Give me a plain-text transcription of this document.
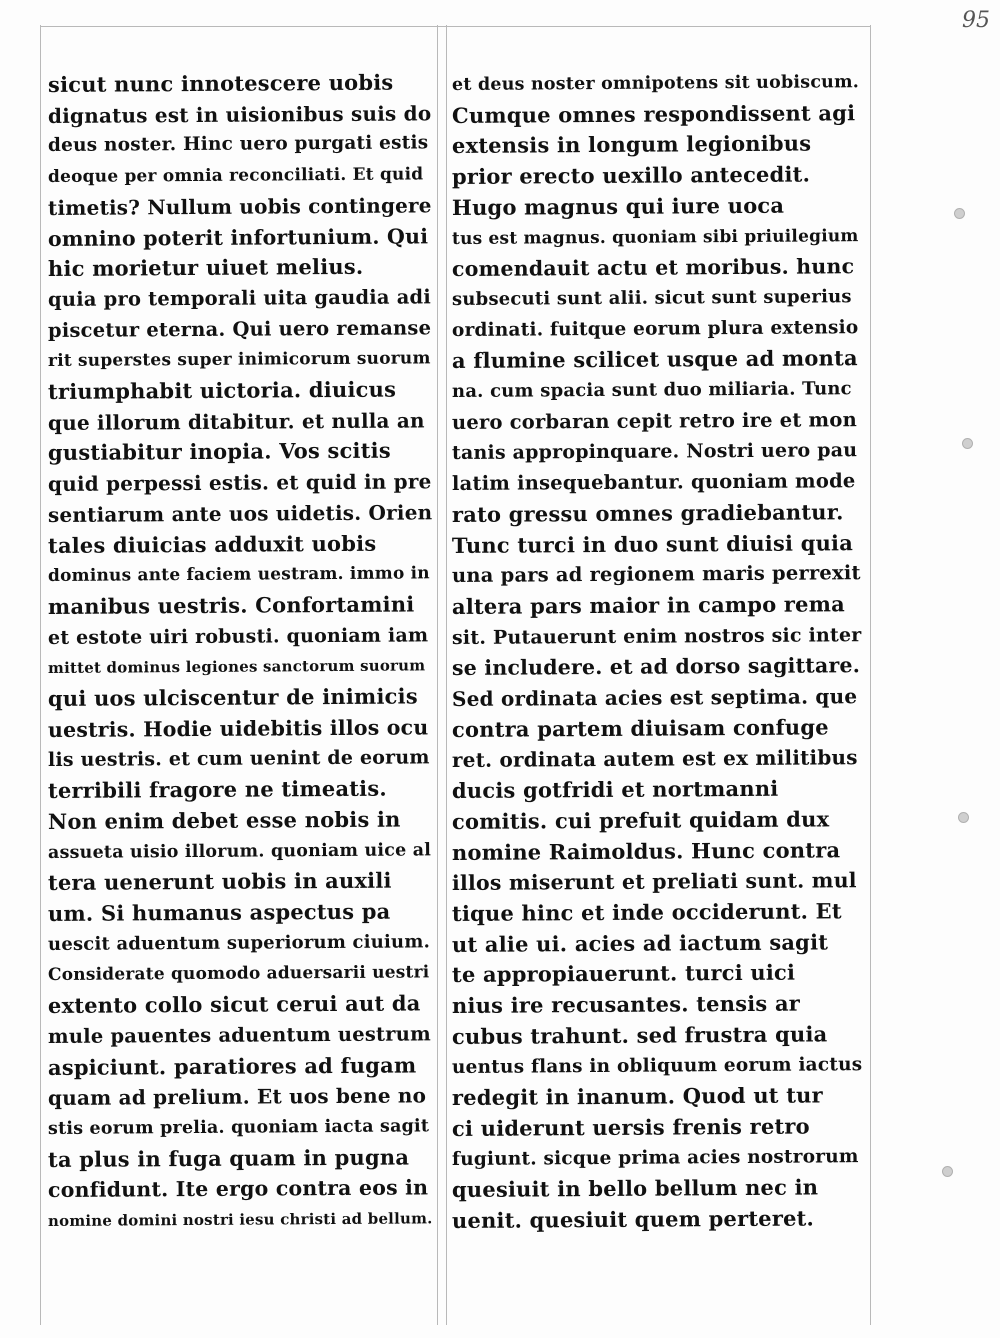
95
sicut nunc innotescere uobis
dignatus est in uisionibus suis do
deus noster. Hinc uero purgati estis
deoque per omnia reconciliati. Et quid
timetis? Nullum uobis contingere
omnino poterit infortunium. Qui
hic morietur uiuet melius.
quia pro temporali uita gaudia adi
piscetur eterna. Qui uero remanse
rit superstes super inimicorum suorum
triumphabit uictoria. diuicus
que illorum ditabitur. et nulla an
gustiabitur inopia. Vos scitis
quid perpessi estis. et quid in pre
sentiarum ante uos uidetis. Orien
tales diuicias adduxit uobis
dominus ante faciem uestram. immo in
manibus uestris. Confortamini
et estote uiri robusti. quoniam iam
mittet dominus legiones sanctorum suorum
qui uos ulciscentur de inimicis
uestris. Hodie uidebitis illos ocu
lis uestris. et cum uenint de eorum
terribili fragore ne timeatis.
Non enim debet esse nobis in
assueta uisio illorum. quoniam uice al
tera uenerunt uobis in auxili
um. Si humanus aspectus pa
uescit aduentum superiorum ciuium.
Considerate quomodo aduersarii uestri
extento collo sicut cerui aut da
mule pauentes aduentum uestrum
aspiciunt. paratiores ad fugam
quam ad prelium. Et uos bene no
stis eorum prelia. quoniam iacta sagit
ta plus in fuga quam in pugna
confidunt. Ite ergo contra eos in
nomine domini nostri iesu christi ad bellum.
et deus noster omnipotens sit uobiscum.
Cumque omnes respondissent agi
extensis in longum legionibus
prior erecto uexillo antecedit.
Hugo magnus qui iure uoca
tus est magnus. quoniam sibi priuilegium
comendauit actu et moribus. hunc
subsecuti sunt alii. sicut sunt superius
ordinati. fuitque eorum plura extensio
a flumine scilicet usque ad monta
na. cum spacia sunt duo miliaria. Tunc
uero corbaran cepit retro ire et mon
tanis appropinquare. Nostri uero pau
latim insequebantur. quoniam mode
rato gressu omnes gradiebantur.
Tunc turci in duo sunt diuisi quia
una pars ad regionem maris perrexit
altera pars maior in campo rema
sit. Putauerunt enim nostros sic inter
se includere. et ad dorso sagittare.
Sed ordinata acies est septima. que
contra partem diuisam confuge
ret. ordinata autem est ex militibus
ducis gotfridi et nortmanni
comitis. cui prefuit quidam dux
nomine Raimoldus. Hunc contra
illos miserunt et preliati sunt. mul
tique hinc et inde occiderunt. Et
ut alie ui. acies ad iactum sagit
te appropiauerunt. turci uici
nius ire recusantes. tensis ar
cubus trahunt. sed frustra quia
uentus flans in obliquum eorum iactus
redegit in inanum. Quod ut tur
ci uiderunt uersis frenis retro
fugiunt. sicque prima acies nostrorum
quesiuit in bello bellum nec in
uenit. quesiuit quem perteret.
